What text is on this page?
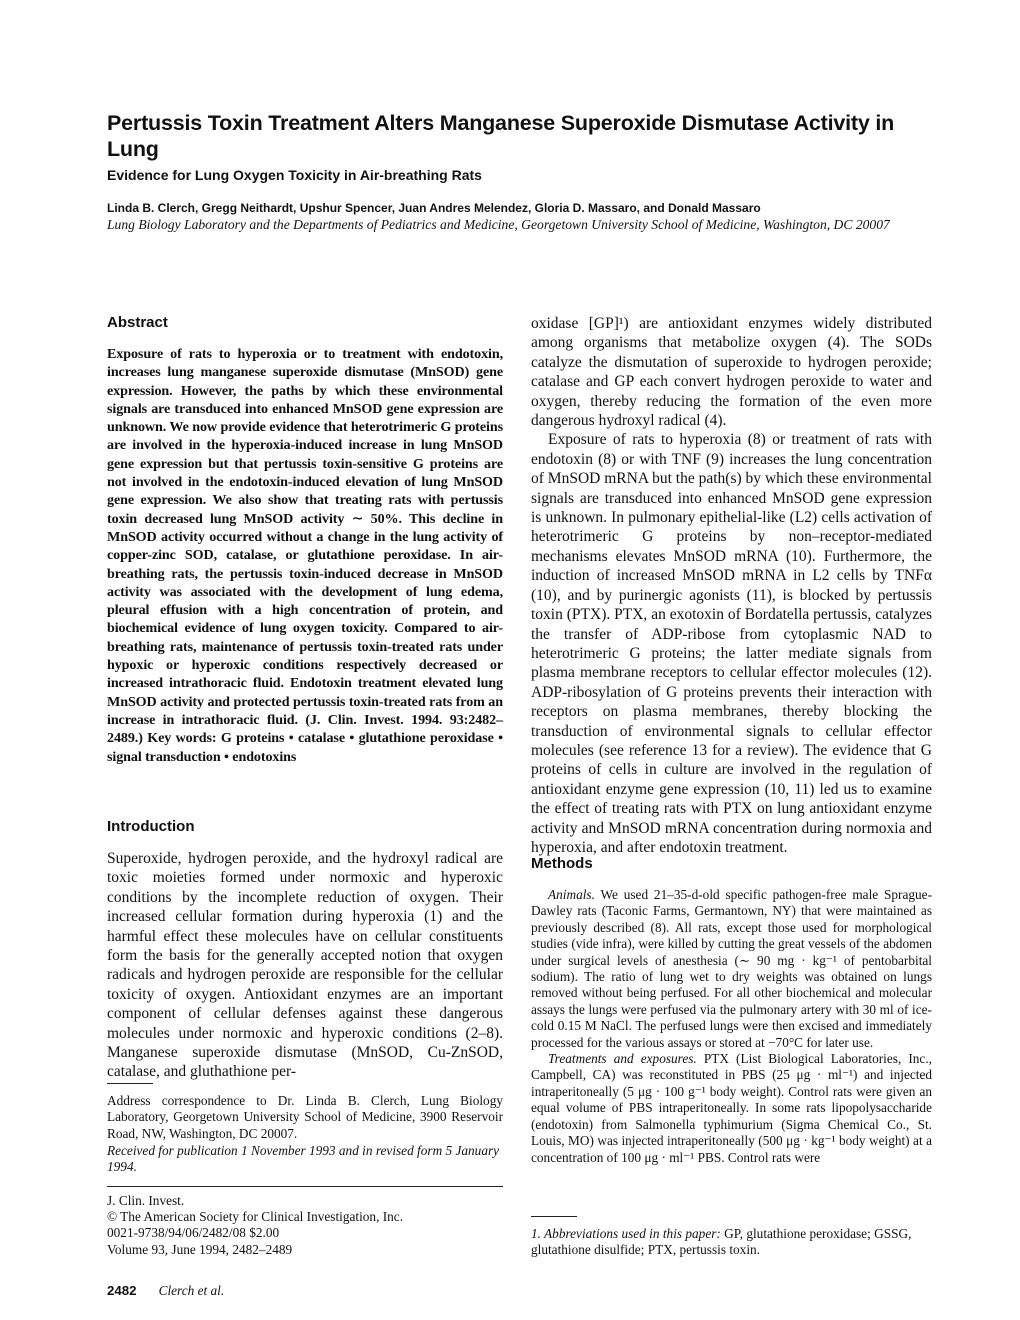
Pertussis Toxin Treatment Alters Manganese Superoxide Dismutase Activity in Lung
Evidence for Lung Oxygen Toxicity in Air-breathing Rats

Linda B. Clerch, Gregg Neithardt, Upshur Spencer, Juan Andres Melendez, Gloria D. Massaro, and Donald Massaro

Lung Biology Laboratory and the Departments of Pediatrics and Medicine, Georgetown University School of Medicine, Washington, DC 20007

Abstract

Exposure of rats to hyperoxia or to treatment with endotoxin, increases lung manganese superoxide dismutase (MnSOD) gene expression. However, the paths by which these environmental signals are transduced into enhanced MnSOD gene expression are unknown. We now provide evidence that heterotrimeric G proteins are involved in the hyperoxia-induced increase in lung MnSOD gene expression but that pertussis toxin-sensitive G proteins are not involved in the endotoxin-induced elevation of lung MnSOD gene expression. We also show that treating rats with pertussis toxin decreased lung MnSOD activity ∼ 50%. This decline in MnSOD activity occurred without a change in the lung activity of copper-zinc SOD, catalase, or glutathione peroxidase. In air-breathing rats, the pertussis toxin-induced decrease in MnSOD activity was associated with the development of lung edema, pleural effusion with a high concentration of protein, and biochemical evidence of lung oxygen toxicity. Compared to air-breathing rats, maintenance of pertussis toxin-treated rats under hypoxic or hyperoxic conditions respectively decreased or increased intrathoracic fluid. Endotoxin treatment elevated lung MnSOD activity and protected pertussis toxin-treated rats from an increase in intrathoracic fluid. (J. Clin. Invest. 1994. 93:2482–2489.) Key words: G proteins • catalase • glutathione peroxidase • signal transduction • endotoxins

Introduction

Superoxide, hydrogen peroxide, and the hydroxyl radical are toxic moieties formed under normoxic and hyperoxic conditions by the incomplete reduction of oxygen. Their increased cellular formation during hyperoxia (1) and the harmful effect these molecules have on cellular constituents form the basis for the generally accepted notion that oxygen radicals and hydrogen peroxide are responsible for the cellular toxicity of oxygen. Antioxidant enzymes are an important component of cellular defenses against these dangerous molecules under normoxic and hyperoxic conditions (2–8). Manganese superoxide dismutase (MnSOD, Cu-ZnSOD, catalase, and gluthathione per-

Address correspondence to Dr. Linda B. Clerch, Lung Biology Laboratory, Georgetown University School of Medicine, 3900 Reservoir Road, NW, Washington, DC 20007.

Received for publication 1 November 1993 and in revised form 5 January 1994.

J. Clin. Invest.
© The American Society for Clinical Investigation, Inc.
0021-9738/94/06/2482/08 $2.00
Volume 93, June 1994, 2482–2489

oxidase [GP]¹) are antioxidant enzymes widely distributed among organisms that metabolize oxygen (4). The SODs catalyze the dismutation of superoxide to hydrogen peroxide; catalase and GP each convert hydrogen peroxide to water and oxygen, thereby reducing the formation of the even more dangerous hydroxyl radical (4).

Exposure of rats to hyperoxia (8) or treatment of rats with endotoxin (8) or with TNF (9) increases the lung concentration of MnSOD mRNA but the path(s) by which these environmental signals are transduced into enhanced MnSOD gene expression is unknown. In pulmonary epithelial-like (L2) cells activation of heterotrimeric G proteins by non–receptor-mediated mechanisms elevates MnSOD mRNA (10). Furthermore, the induction of increased MnSOD mRNA in L2 cells by TNFα (10), and by purinergic agonists (11), is blocked by pertussis toxin (PTX). PTX, an exotoxin of Bordatella pertussis, catalyzes the transfer of ADP-ribose from cytoplasmic NAD to heterotrimeric G proteins; the latter mediate signals from plasma membrane receptors to cellular effector molecules (12). ADP-ribosylation of G proteins prevents their interaction with receptors on plasma membranes, thereby blocking the transduction of environmental signals to cellular effector molecules (see reference 13 for a review). The evidence that G proteins of cells in culture are involved in the regulation of antioxidant enzyme gene expression (10, 11) led us to examine the effect of treating rats with PTX on lung antioxidant enzyme activity and MnSOD mRNA concentration during normoxia and hyperoxia, and after endotoxin treatment.

Methods

Animals. We used 21–35-d-old specific pathogen-free male Sprague-Dawley rats (Taconic Farms, Germantown, NY) that were maintained as previously described (8). All rats, except those used for morphological studies (vide infra), were killed by cutting the great vessels of the abdomen under surgical levels of anesthesia (∼ 90 mg · kg⁻¹ of pentobarbital sodium). The ratio of lung wet to dry weights was obtained on lungs removed without being perfused. For all other biochemical and molecular assays the lungs were perfused via the pulmonary artery with 30 ml of ice-cold 0.15 M NaCl. The perfused lungs were then excised and immediately processed for the various assays or stored at −70°C for later use.

Treatments and exposures. PTX (List Biological Laboratories, Inc., Campbell, CA) was reconstituted in PBS (25 μg · ml⁻¹) and injected intraperitoneally (5 μg · 100 g⁻¹ body weight). Control rats were given an equal volume of PBS intraperitoneally. In some rats lipopolysaccharide (endotoxin) from Salmonella typhimurium (Sigma Chemical Co., St. Louis, MO) was injected intraperitoneally (500 μg · kg⁻¹ body weight) at a concentration of 100 μg · ml⁻¹ PBS. Control rats were

1. Abbreviations used in this paper: GP, glutathione peroxidase; GSSG, glutathione disulfide; PTX, pertussis toxin.

2482 Clerch et al.
